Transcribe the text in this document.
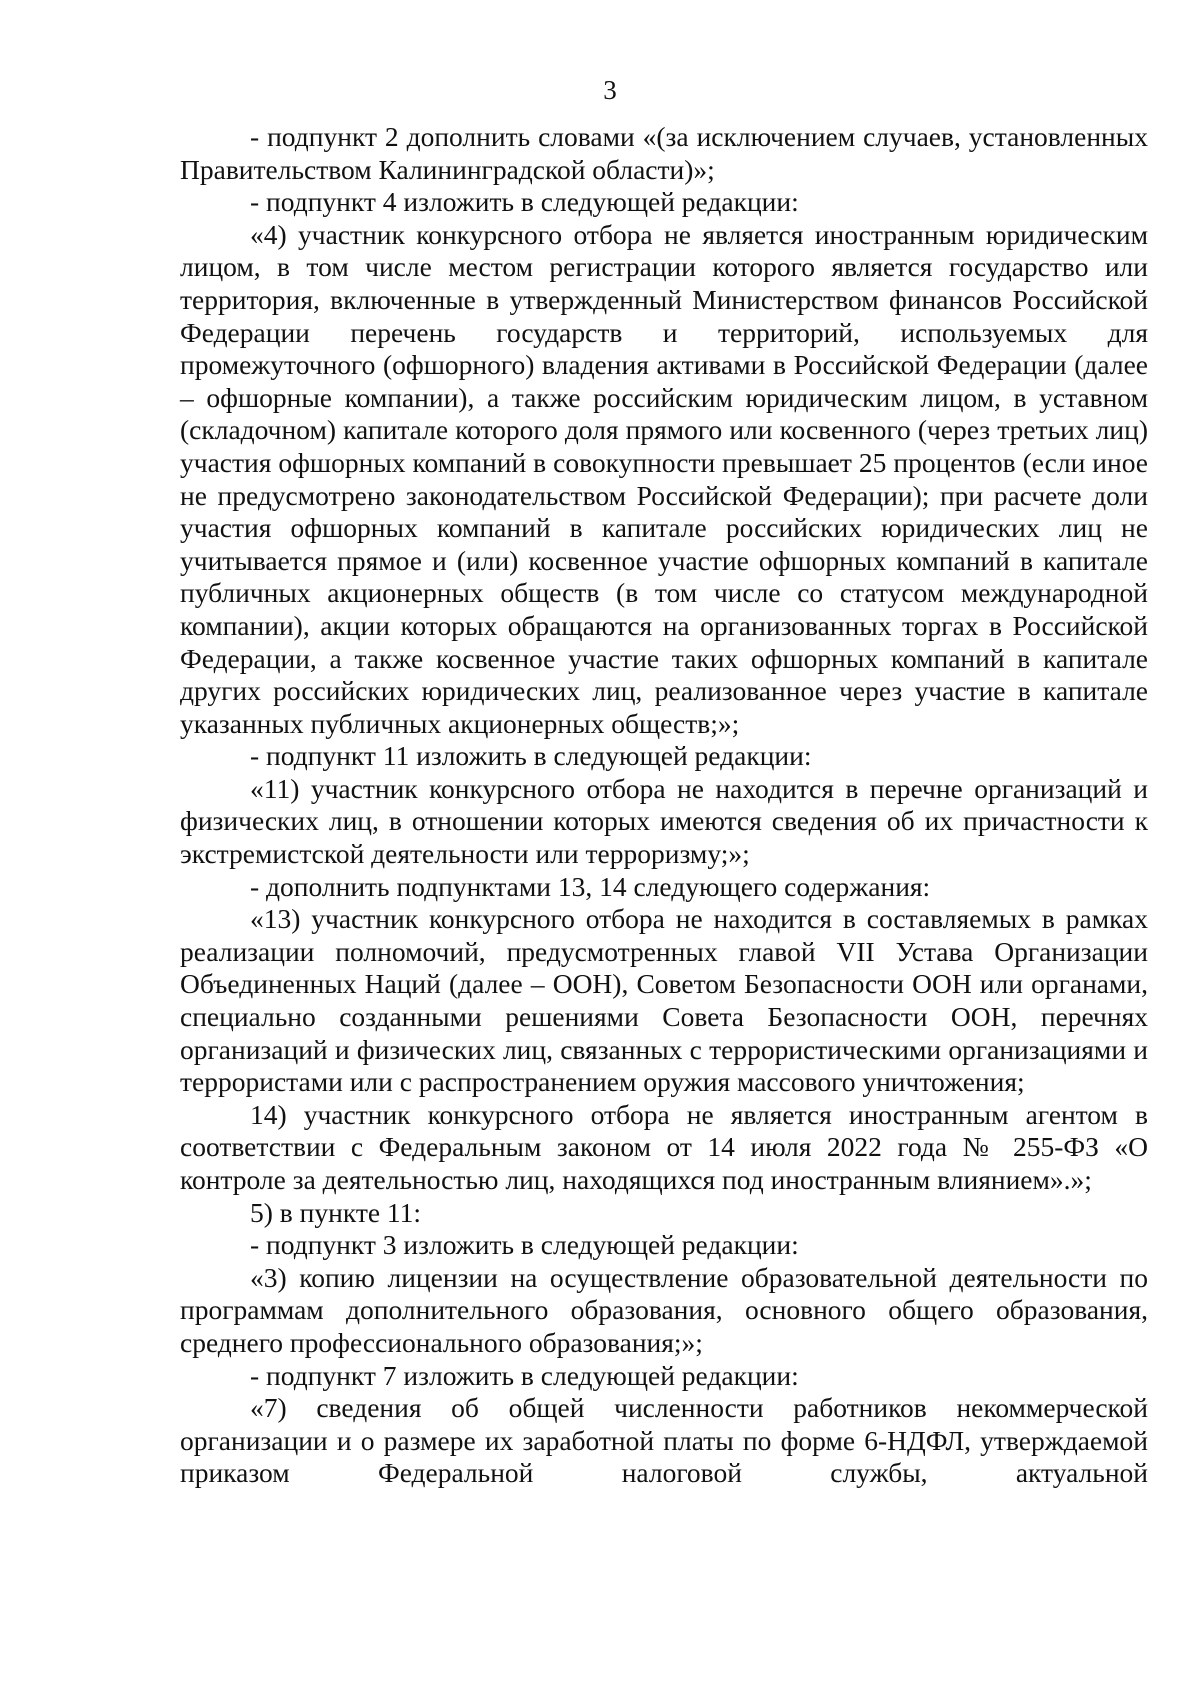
3

- подпункт 2 дополнить словами «(за исключением случаев, установленных Правительством Калининградской области)»;

- подпункт 4 изложить в следующей редакции:

«4) участник конкурсного отбора не является иностранным юридическим лицом, в том числе местом регистрации которого является государство или территория, включенные в утвержденный Министерством финансов Российской Федерации перечень государств и территорий, используемых для промежуточного (офшорного) владения активами в Российской Федерации (далее – офшорные компании), а также российским юридическим лицом, в уставном (складочном) капитале которого доля прямого или косвенного (через третьих лиц) участия офшорных компаний в совокупности превышает 25 процентов (если иное не предусмотрено законодательством Российской Федерации); при расчете доли участия офшорных компаний в капитале российских юридических лиц не учитывается прямое и (или) косвенное участие офшорных компаний в капитале публичных акционерных обществ (в том числе со статусом международной компании), акции которых обращаются на организованных торгах в Российской Федерации, а также косвенное участие таких офшорных компаний в капитале других российских юридических лиц, реализованное через участие в капитале указанных публичных акционерных обществ;»;

- подпункт 11 изложить в следующей редакции:

«11) участник конкурсного отбора не находится в перечне организаций и физических лиц, в отношении которых имеются сведения об их причастности к экстремистской деятельности или терроризму;»;

- дополнить подпунктами 13, 14 следующего содержания:

«13) участник конкурсного отбора не находится в составляемых в рамках реализации полномочий, предусмотренных главой VII Устава Организации Объединенных Наций (далее – ООН), Советом Безопасности ООН или органами, специально созданными решениями Совета Безопасности ООН, перечнях организаций и физических лиц, связанных с террористическими организациями и террористами или с распространением оружия массового уничтожения;

14) участник конкурсного отбора не является иностранным агентом в соответствии с Федеральным законом от 14 июля 2022 года № 255-ФЗ «О контроле за деятельностью лиц, находящихся под иностранным влиянием».»;

5) в пункте 11:

- подпункт 3 изложить в следующей редакции:

«3) копию лицензии на осуществление образовательной деятельности по программам дополнительного образования, основного общего образования, среднего профессионального образования;»;

- подпункт 7 изложить в следующей редакции:

«7) сведения об общей численности работников некоммерческой организации и о размере их заработной платы по форме 6-НДФЛ, утверждаемой приказом Федеральной налоговой службы, актуальной
